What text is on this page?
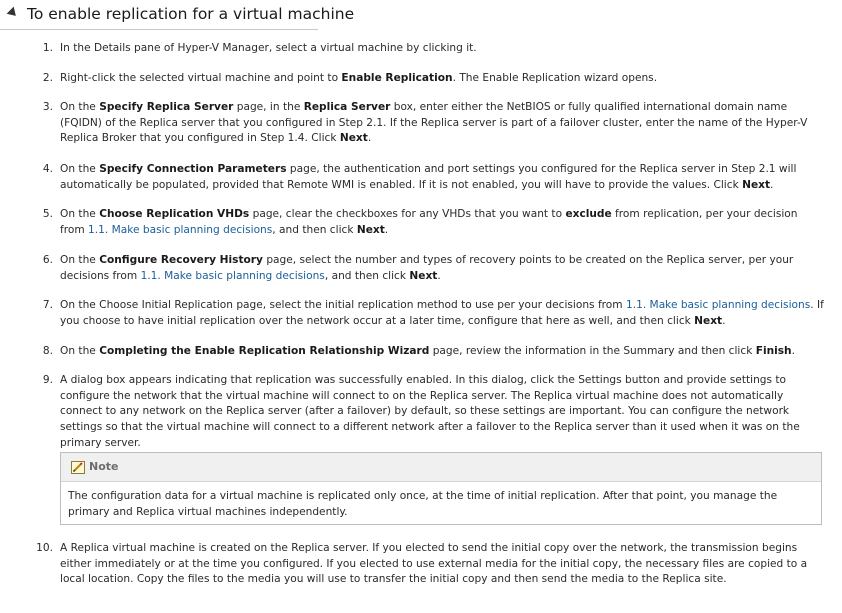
To enable replication for a virtual machine
1. In the Details pane of Hyper-V Manager, select a virtual machine by clicking it.
2. Right-click the selected virtual machine and point to Enable Replication. The Enable Replication wizard opens.
3. On the Specify Replica Server page, in the Replica Server box, enter either the NetBIOS or fully qualified international domain name (FQIDN) of the Replica server that you configured in Step 2.1. If the Replica server is part of a failover cluster, enter the name of the Hyper-V Replica Broker that you configured in Step 1.4. Click Next.
4. On the Specify Connection Parameters page, the authentication and port settings you configured for the Replica server in Step 2.1 will automatically be populated, provided that Remote WMI is enabled. If it is not enabled, you will have to provide the values. Click Next.
5. On the Choose Replication VHDs page, clear the checkboxes for any VHDs that you want to exclude from replication, per your decision from 1.1. Make basic planning decisions, and then click Next.
6. On the Configure Recovery History page, select the number and types of recovery points to be created on the Replica server, per your decisions from 1.1. Make basic planning decisions, and then click Next.
7. On the Choose Initial Replication page, select the initial replication method to use per your decisions from 1.1. Make basic planning decisions. If you choose to have initial replication over the network occur at a later time, configure that here as well, and then click Next.
8. On the Completing the Enable Replication Relationship Wizard page, review the information in the Summary and then click Finish.
9. A dialog box appears indicating that replication was successfully enabled. In this dialog, click the Settings button and provide settings to configure the network that the virtual machine will connect to on the Replica server. The Replica virtual machine does not automatically connect to any network on the Replica server (after a failover) by default, so these settings are important. You can configure the network settings so that the virtual machine will connect to a different network after a failover to the Replica server than it used when it was on the primary server.
Note
The configuration data for a virtual machine is replicated only once, at the time of initial replication. After that point, you manage the primary and Replica virtual machines independently.
10. A Replica virtual machine is created on the Replica server. If you elected to send the initial copy over the network, the transmission begins either immediately or at the time you configured. If you elected to use external media for the initial copy, the necessary files are copied to a local location. Copy the files to the media you will use to transfer the initial copy and then send the media to the Replica site.
